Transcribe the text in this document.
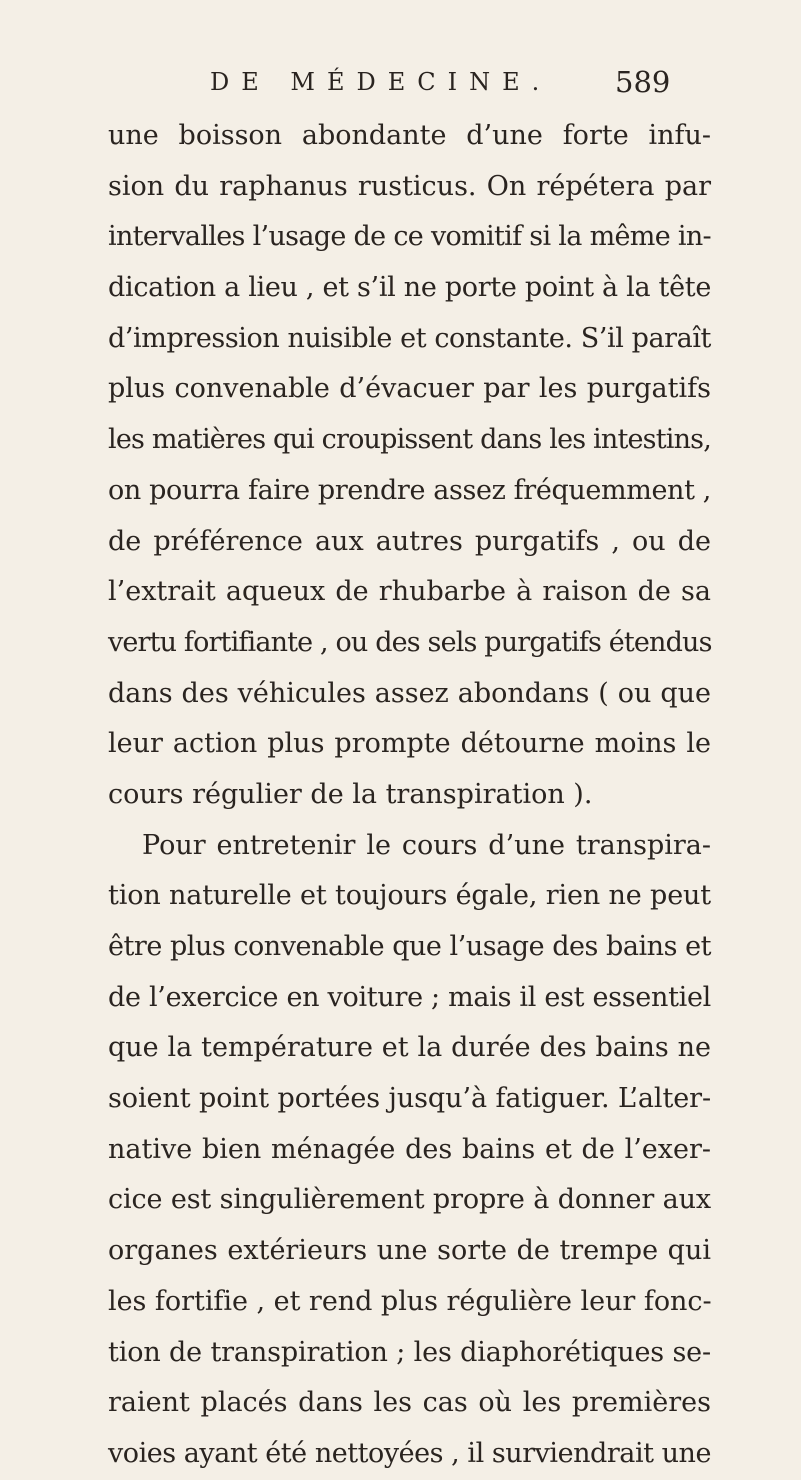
DE MÉDECINE. 589
une boisson abondante d’une forte infu-
sion du raphanus rusticus. On répétera par
intervalles l’usage de ce vomitif si la même in-
dication a lieu , et s’il ne porte point à la tête
d’impression nuisible et constante. S’il paraît
plus convenable d’évacuer par les purgatifs
les matières qui croupissent dans les intestins,
on pourra faire prendre assez fréquemment ,
de préférence aux autres purgatifs , ou de
l’extrait aqueux de rhubarbe à raison de sa
vertu fortifiante , ou des sels purgatifs étendus
dans des véhicules assez abondans ( ou que
leur action plus prompte détourne moins le
cours régulier de la transpiration ).
Pour entretenir le cours d’une transpira-
tion naturelle et toujours égale, rien ne peut
être plus convenable que l’usage des bains et
de l’exercice en voiture ; mais il est essentiel
que la température et la durée des bains ne
soient point portées jusqu’à fatiguer. L’alter-
native bien ménagée des bains et de l’exer-
cice est singulièrement propre à donner aux
organes extérieurs une sorte de trempe qui
les fortifie , et rend plus régulière leur fonc-
tion de transpiration ; les diaphorétiques se-
raient placés dans les cas où les premières
voies ayant été nettoyées , il surviendrait une
